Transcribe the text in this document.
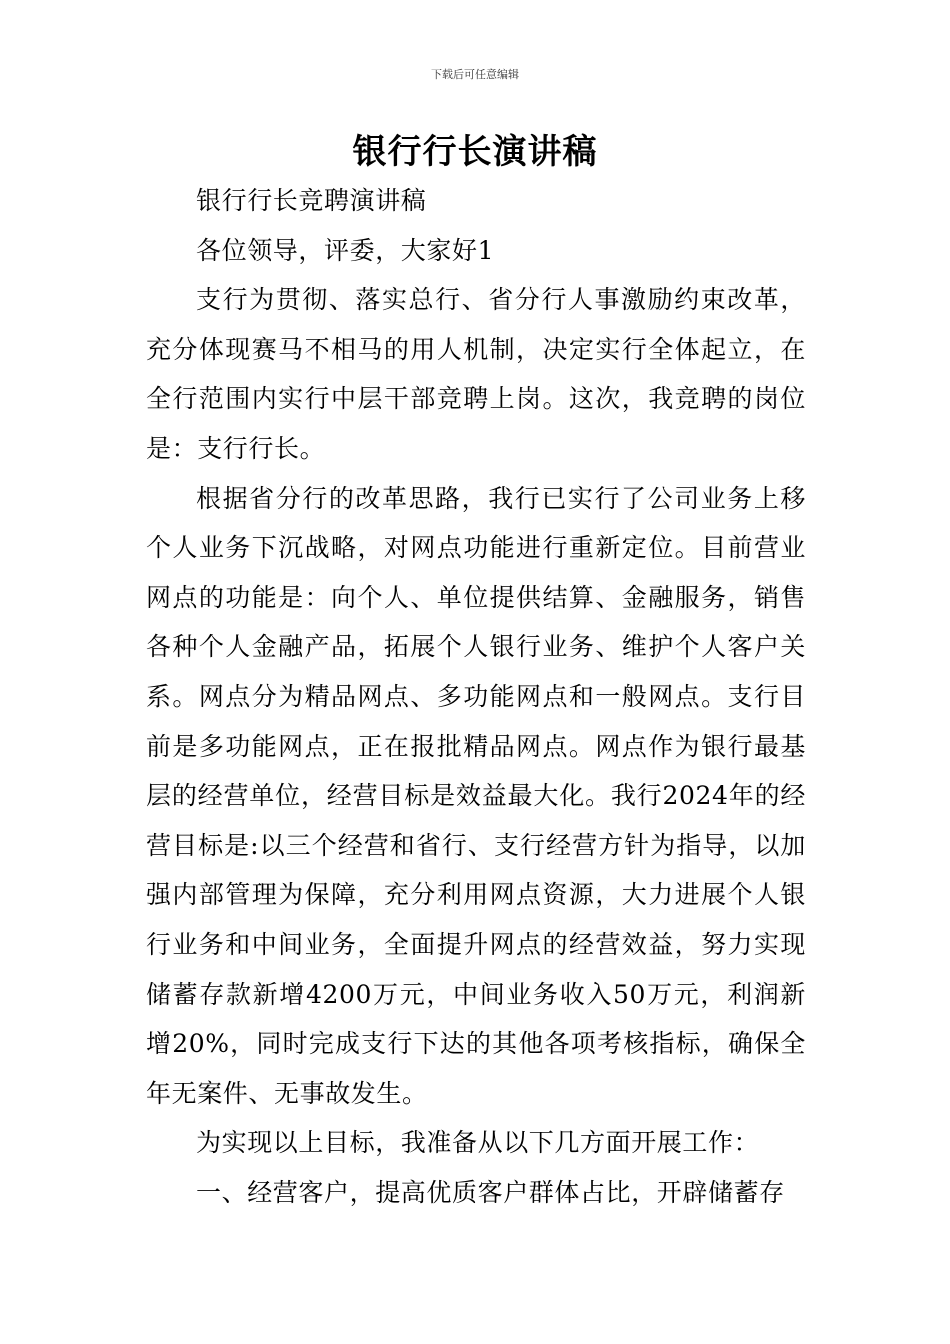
下载后可任意编辑
银行行长演讲稿

银行行长竞聘演讲稿

各位领导，评委，大家好1

支行为贯彻、落实总行、省分行人事激励约束改革，充分体现赛马不相马的用人机制，决定实行全体起立，在全行范围内实行中层干部竞聘上岗。这次，我竞聘的岗位是：支行行长。

根据省分行的改革思路，我行已实行了公司业务上移个人业务下沉战略，对网点功能进行重新定位。目前营业网点的功能是：向个人、单位提供结算、金融服务，销售各种个人金融产品，拓展个人银行业务、维护个人客户关系。网点分为精品网点、多功能网点和一般网点。支行目前是多功能网点，正在报批精品网点。网点作为银行最基层的经营单位，经营目标是效益最大化。我行2024年的经营目标是:以三个经营和省行、支行经营方针为指导，以加强内部管理为保障，充分利用网点资源，大力进展个人银行业务和中间业务，全面提升网点的经营效益，努力实现储蓄存款新增4200万元，中间业务收入50万元，利润新增20%，同时完成支行下达的其他各项考核指标，确保全年无案件、无事故发生。

为实现以上目标，我准备从以下几方面开展工作：

一、经营客户，提高优质客户群体占比，开辟储蓄存
